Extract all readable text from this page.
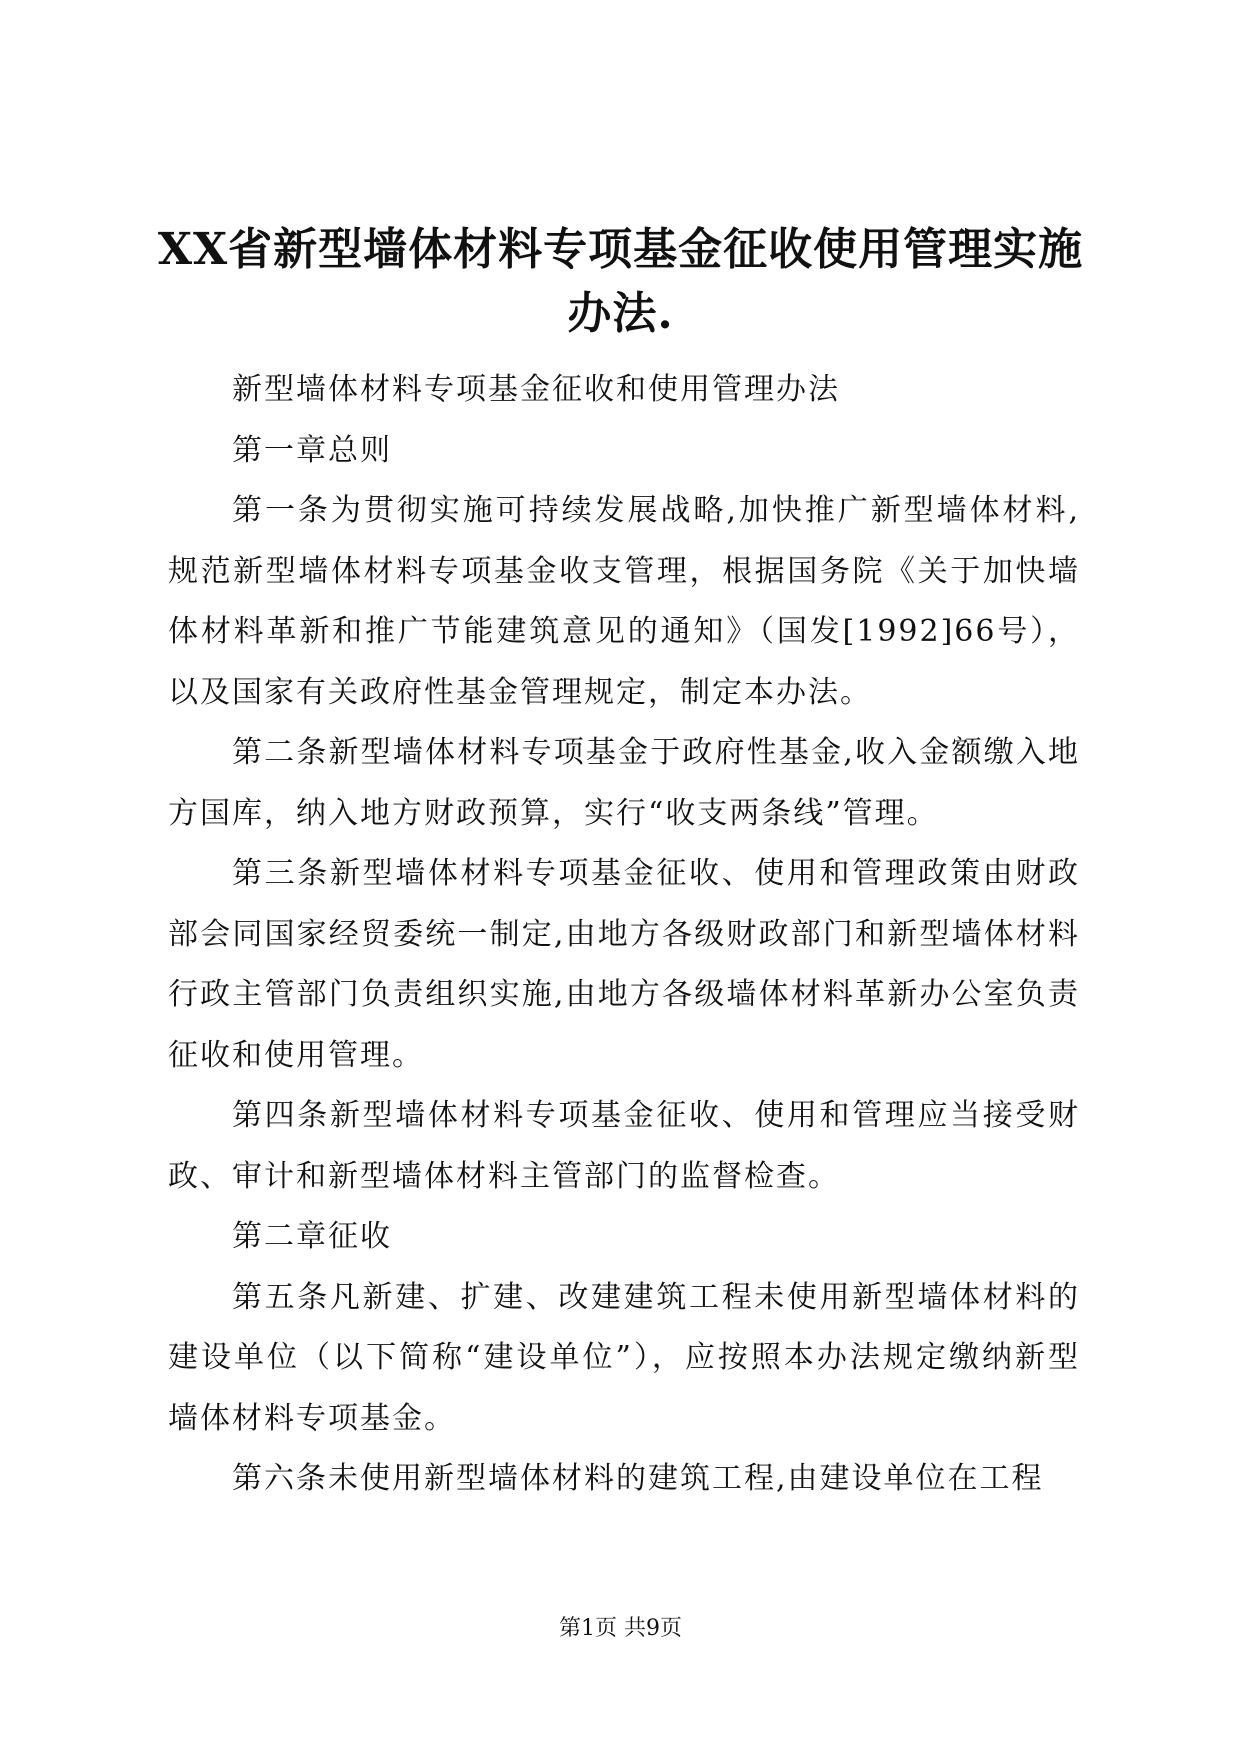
XX省新型墙体材料专项基金征收使用管理实施办法.

新型墙体材料专项基金征收和使用管理办法

第一章总则

第一条为贯彻实施可持续发展战略,加快推广新型墙体材料,规范新型墙体材料专项基金收支管理，根据国务院《关于加快墙体材料革新和推广节能建筑意见的通知》（国发[1992]66号），以及国家有关政府性基金管理规定，制定本办法。

第二条新型墙体材料专项基金于政府性基金,收入金额缴入地方国库，纳入地方财政预算，实行“收支两条线”管理。

第三条新型墙体材料专项基金征收、使用和管理政策由财政部会同国家经贸委统一制定,由地方各级财政部门和新型墙体材料行政主管部门负责组织实施,由地方各级墙体材料革新办公室负责征收和使用管理。

第四条新型墙体材料专项基金征收、使用和管理应当接受财政、审计和新型墙体材料主管部门的监督检查。

第二章征收

第五条凡新建、扩建、改建建筑工程未使用新型墙体材料的建设单位（以下简称“建设单位”），应按照本办法规定缴纳新型墙体材料专项基金。

第六条未使用新型墙体材料的建筑工程,由建设单位在工程

第1页 共9页
